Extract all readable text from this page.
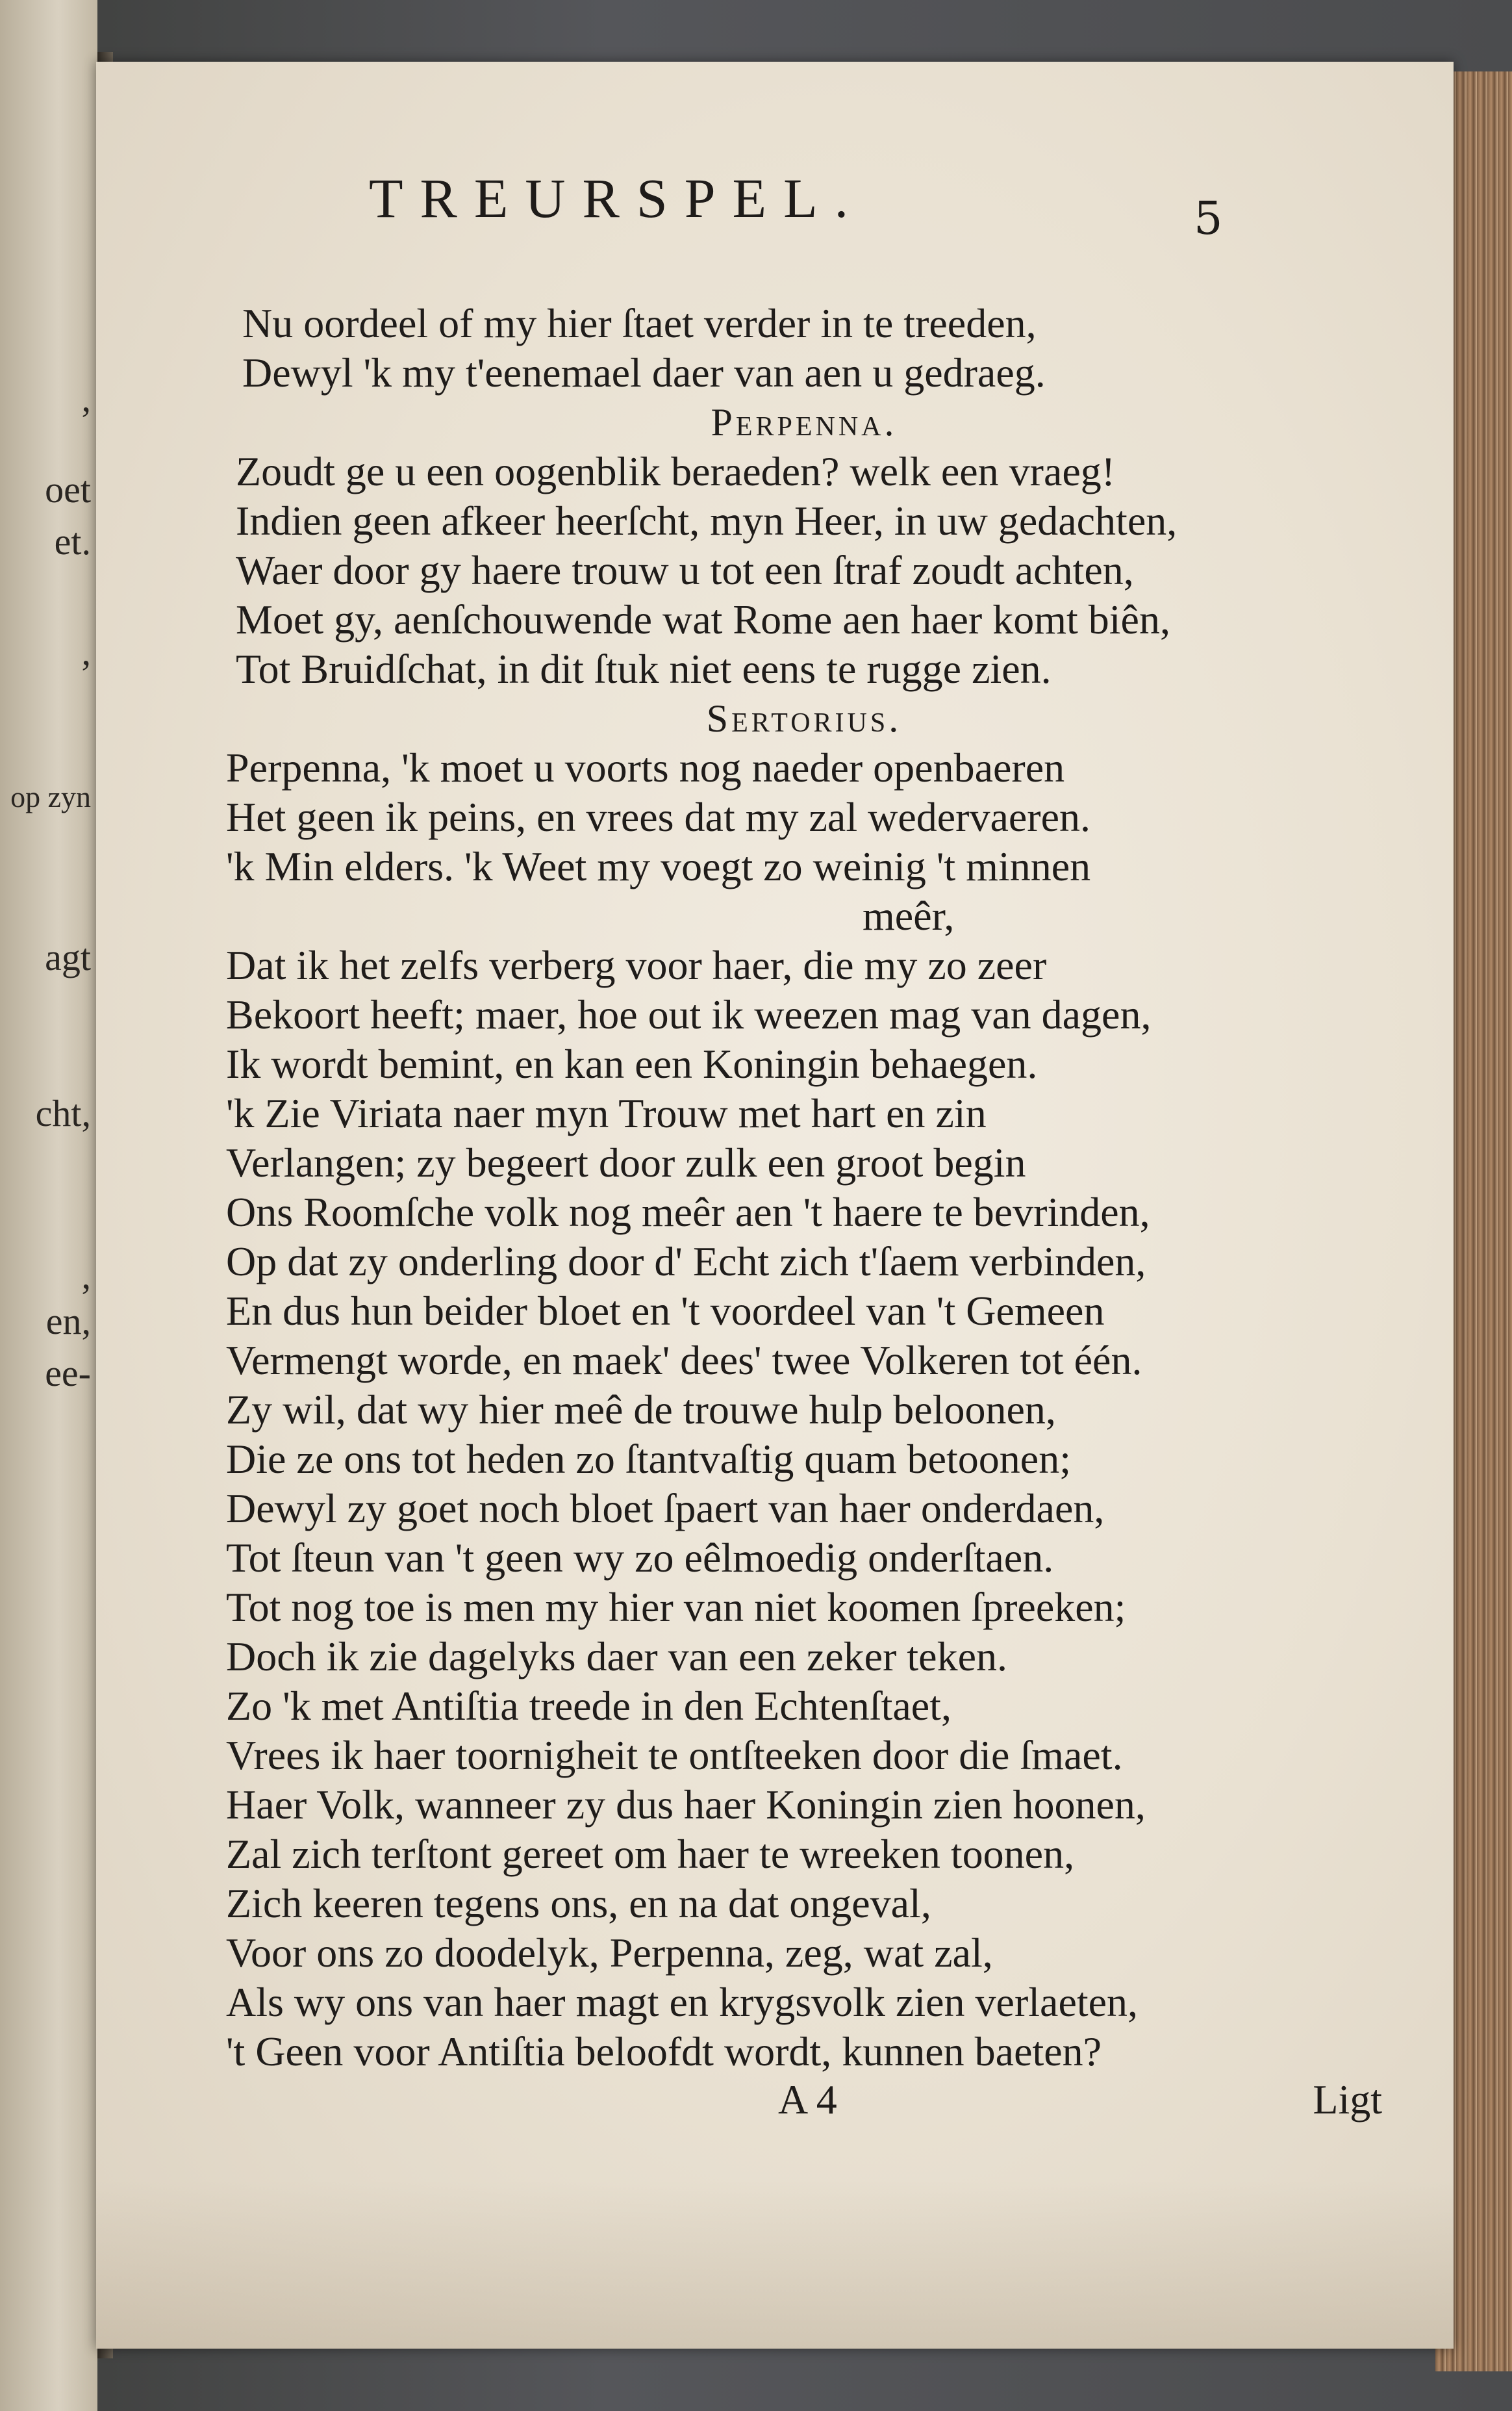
,
oet
et.
,
op zyn
agt
cht,
,
en,
ee-
TREURSPEL.	5
Nu oordeel of my hier ſtaet verder in te treeden,
Dewyl 'k my t'eenemael daer van aen u gedraeg.
Perpenna.
Zoudt ge u een oogenblik beraeden? welk een vraeg!
Indien geen afkeer heerſcht, myn Heer, in uw gedachten,
Waer door gy haere trouw u tot een ſtraf zoudt achten,
Moet gy, aenſchouwende wat Rome aen haer komt biên,
Tot Bruidſchat, in dit ſtuk niet eens te rugge zien.
Sertorius.
Perpenna, 'k moet u voorts nog naeder openbaeren
Het geen ik peins, en vrees dat my zal wedervaeren.
'k Min elders. 'k Weet my voegt zo weinig 't minnen
meêr,
Dat ik het zelfs verberg voor haer, die my zo zeer
Bekoort heeft; maer, hoe out ik weezen mag van dagen,
Ik wordt bemint, en kan een Koningin behaegen.
'k Zie Viriata naer myn Trouw met hart en zin
Verlangen; zy begeert door zulk een groot begin
Ons Roomſche volk nog meêr aen 't haere te bevrinden,
Op dat zy onderling door d' Echt zich t'ſaem verbinden,
En dus hun beider bloet en 't voordeel van 't Gemeen
Vermengt worde, en maek' dees' twee Volkeren tot één.
Zy wil, dat wy hier meê de trouwe hulp beloonen,
Die ze ons tot heden zo ſtantvaſtig quam betoonen;
Dewyl zy goet noch bloet ſpaert van haer onderdaen,
Tot ſteun van 't geen wy zo eêlmoedig onderſtaen.
Tot nog toe is men my hier van niet koomen ſpreeken;
Doch ik zie dagelyks daer van een zeker teken.
Zo 'k met Antiſtia treede in den Echtenſtaet,
Vrees ik haer toornigheit te ontſteeken door die ſmaet.
Haer Volk, wanneer zy dus haer Koningin zien hoonen,
Zal zich terſtont gereet om haer te wreeken toonen,
Zich keeren tegens ons, en na dat ongeval,
Voor ons zo doodelyk, Perpenna, zeg, wat zal,
Als wy ons van haer magt en krygsvolk zien verlaeten,
't Geen voor Antiſtia beloofdt wordt, kunnen baeten?
A 4	Ligt
